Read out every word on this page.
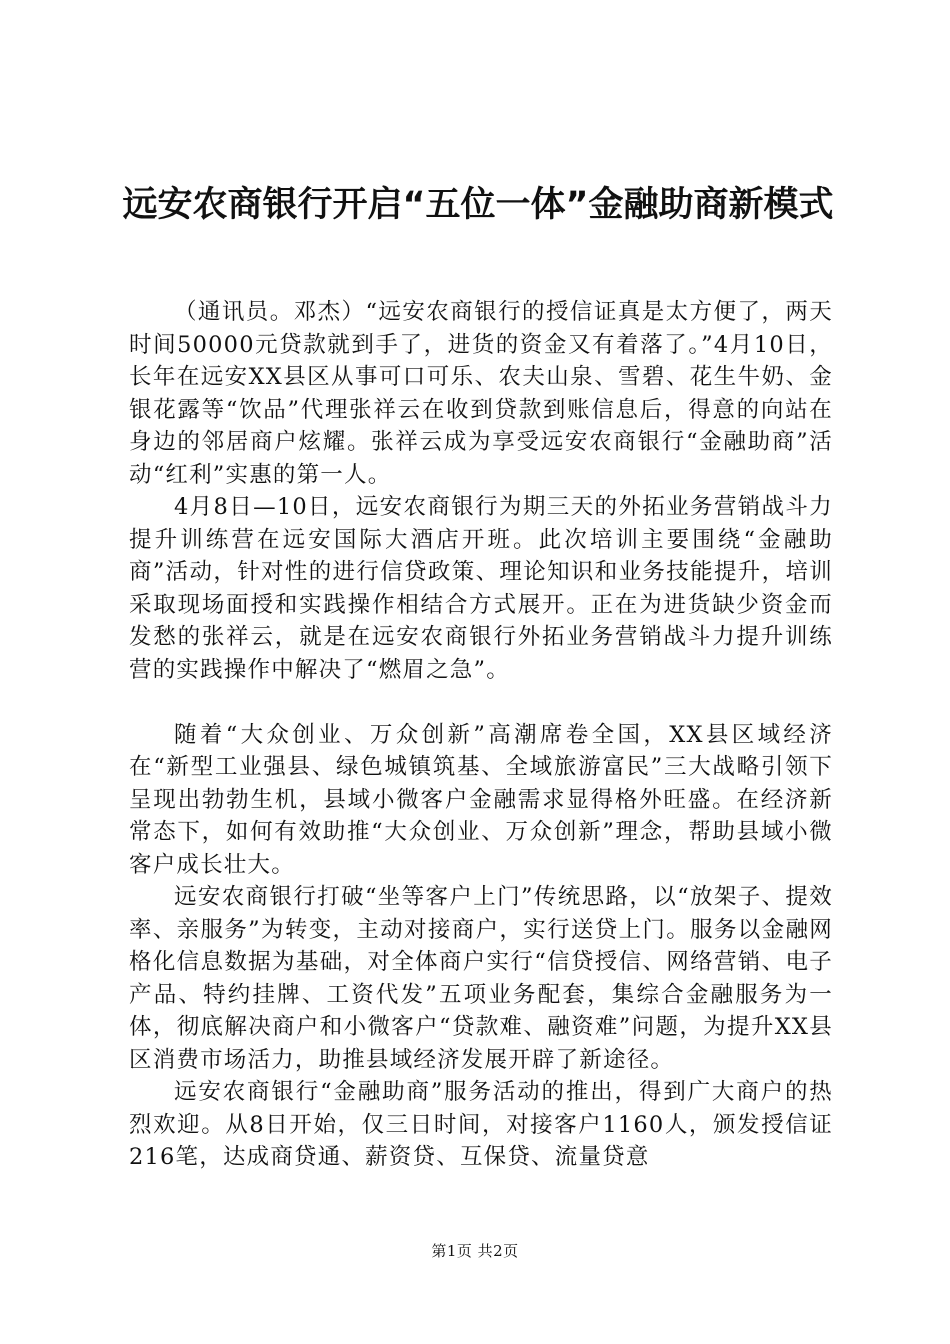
远安农商银行开启“五位一体”金融助商新模式

（通讯员。邓杰）“远安农商银行的授信证真是太方便了，两天时间50000元贷款就到手了，进货的资金又有着落了。”4月10日，长年在远安XX县区从事可口可乐、农夫山泉、雪碧、花生牛奶、金银花露等“饮品”代理张祥云在收到贷款到账信息后，得意的向站在身边的邻居商户炫耀。张祥云成为享受远安农商银行“金融助商”活动“红利”实惠的第一人。

4月8日—10日，远安农商银行为期三天的外拓业务营销战斗力提升训练营在远安国际大酒店开班。此次培训主要围绕“金融助商”活动，针对性的进行信贷政策、理论知识和业务技能提升，培训采取现场面授和实践操作相结合方式展开。正在为进货缺少资金而发愁的张祥云，就是在远安农商银行外拓业务营销战斗力提升训练营的实践操作中解决了“燃眉之急”。

随着“大众创业、万众创新”高潮席卷全国，XX县区域经济在“新型工业强县、绿色城镇筑基、全域旅游富民”三大战略引领下呈现出勃勃生机，县域小微客户金融需求显得格外旺盛。在经济新常态下，如何有效助推“大众创业、万众创新”理念，帮助县域小微客户成长壮大。

远安农商银行打破“坐等客户上门”传统思路，以“放架子、提效率、亲服务”为转变，主动对接商户，实行送贷上门。服务以金融网格化信息数据为基础，对全体商户实行“信贷授信、网络营销、电子产品、特约挂牌、工资代发”五项业务配套，集综合金融服务为一体，彻底解决商户和小微客户“贷款难、融资难”问题，为提升XX县区消费市场活力，助推县域经济发展开辟了新途径。

远安农商银行“金融助商”服务活动的推出，得到广大商户的热烈欢迎。从8日开始，仅三日时间，对接客户1160人，颁发授信证216笔，达成商贷通、薪资贷、互保贷、流量贷意

第1页 共2页
